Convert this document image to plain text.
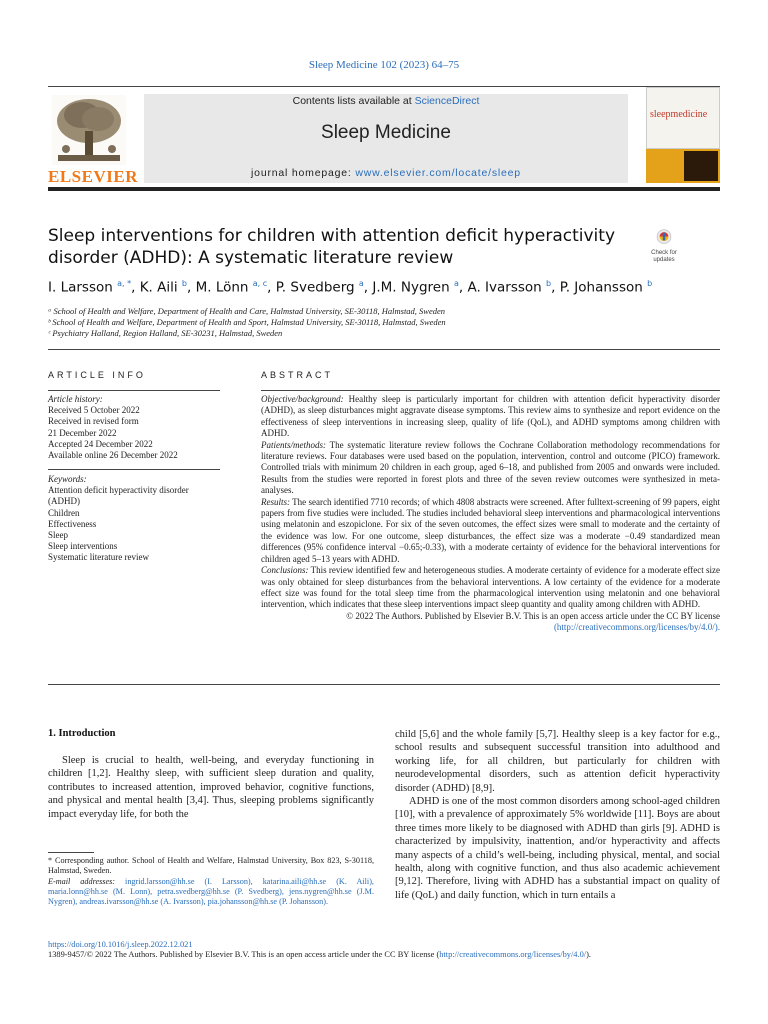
Sleep Medicine 102 (2023) 64–75
ELSEVIER
Contents lists available at ScienceDirect
Sleep Medicine
journal homepage: www.elsevier.com/locate/sleep
sleepmedicine
Sleep interventions for children with attention deficit hyperactivity disorder (ADHD): A systematic literature review	Check for updates
I. Larsson $^{a, *}$, K. Aili $^b$, M. Lönn $^{a, c}$, P. Svedberg $^a$, J.M. Nygren $^a$, A. Ivarsson $^b$, P. Johansson $^b$
ᵃ School of Health and Welfare, Department of Health and Care, Halmstad University, SE-30118, Halmstad, Sweden
ᵇ School of Health and Welfare, Department of Health and Sport, Halmstad University, SE-30118, Halmstad, Sweden
ᶜ Psychiatry Halland, Region Halland, SE-30231, Halmstad, Sweden
ARTICLE INFO
Article history:
Received 5 October 2022
Received in revised form
21 December 2022
Accepted 24 December 2022
Available online 26 December 2022
Keywords:
Attention deficit hyperactivity disorder
(ADHD)
Children
Effectiveness
Sleep
Sleep interventions
Systematic literature review
ABSTRACT

Objective/background: Healthy sleep is particularly important for children with attention deficit hyperactivity disorder (ADHD), as sleep disturbances might aggravate disease symptoms. This review aims to synthesize and report evidence on the effectiveness of sleep interventions in increasing sleep, quality of life (QoL), and ADHD symptoms among children with ADHD.

Patients/methods: The systematic literature review follows the Cochrane Collaboration methodology recommendations for literature reviews. Four databases were used based on the population, intervention, control and outcome (PICO) framework. Controlled trials with minimum 20 children in each group, aged 6–18, and published from 2005 and onwards were included. Results from the studies were reported in forest plots and three of the seven review outcomes were synthesized in meta-analyses.

Results: The search identified 7710 records; of which 4808 abstracts were screened. After fulltext-screening of 99 papers, eight papers from five studies were included. The studies included behavioral sleep interventions and pharmacological interventions using melatonin and eszopiclone. For six of the seven outcomes, the effect sizes were small to moderate and the certainty of the evidence was low. For one outcome, sleep disturbances, the effect size was a moderate −0.49 standardized mean differences (95% confidence interval −0.65;-0.33), with a moderate certainty of evidence for the behavioral interventions for children aged 5–13 years with ADHD.

Conclusions: This review identified few and heterogeneous studies. A moderate certainty of evidence for a moderate effect size was only obtained for sleep disturbances from the behavioral interventions. A low certainty of the evidence for a moderate effect size was found for the total sleep time from the pharmacological intervention using melatonin and one behavioral intervention, which indicates that these sleep interventions impact sleep quantity and quality among children with ADHD.

© 2022 The Authors. Published by Elsevier B.V. This is an open access article under the CC BY license
(http://creativecommons.org/licenses/by/4.0/).

1. Introduction

Sleep is crucial to health, well-being, and everyday functioning in children [1,2]. Healthy sleep, with sufficient sleep duration and quality, contributes to increased attention, improved behavior, cognitive functions, and physical and mental health [3,4]. Thus, sleeping problems significantly impact everyday life, for both the

child [5,6] and the whole family [5,7]. Healthy sleep is a key factor for e.g., school results and subsequent successful transition into adulthood and working life, for all children, but particularly for children with neurodevelopmental disorders, such as attention deficit hyperactivity disorder (ADHD) [8,9].

ADHD is one of the most common disorders among school-aged children [10], with a prevalence of approximately 5% worldwide [11]. Boys are about three times more likely to be diagnosed with ADHD than girls [9]. ADHD is characterized by impulsivity, inattention, and/or hyperactivity and affects many aspects of a child’s well-being, including physical, mental, and social health, along with cognitive function, and thus also academic achievement [9,12]. Therefore, living with ADHD has a substantial impact on quality of life (QoL) and daily function, which in turn entails a

* Corresponding author. School of Health and Welfare, Halmstad University, Box 823, S-30118, Halmstad, Sweden.

E-mail addresses: ingrid.larsson@hh.se (I. Larsson), katarina.aili@hh.se (K. Aili), maria.lonn@hh.se (M. Lonn), petra.svedberg@hh.se (P. Svedberg), jens.nygren@hh.se (J.M. Nygren), andreas.ivarsson@hh.se (A. Ivarsson), pia.johansson@hh.se (P. Johansson).

https://doi.org/10.1016/j.sleep.2022.12.021
1389-9457/© 2022 The Authors. Published by Elsevier B.V. This is an open access article under the CC BY license (http://creativecommons.org/licenses/by/4.0/).
